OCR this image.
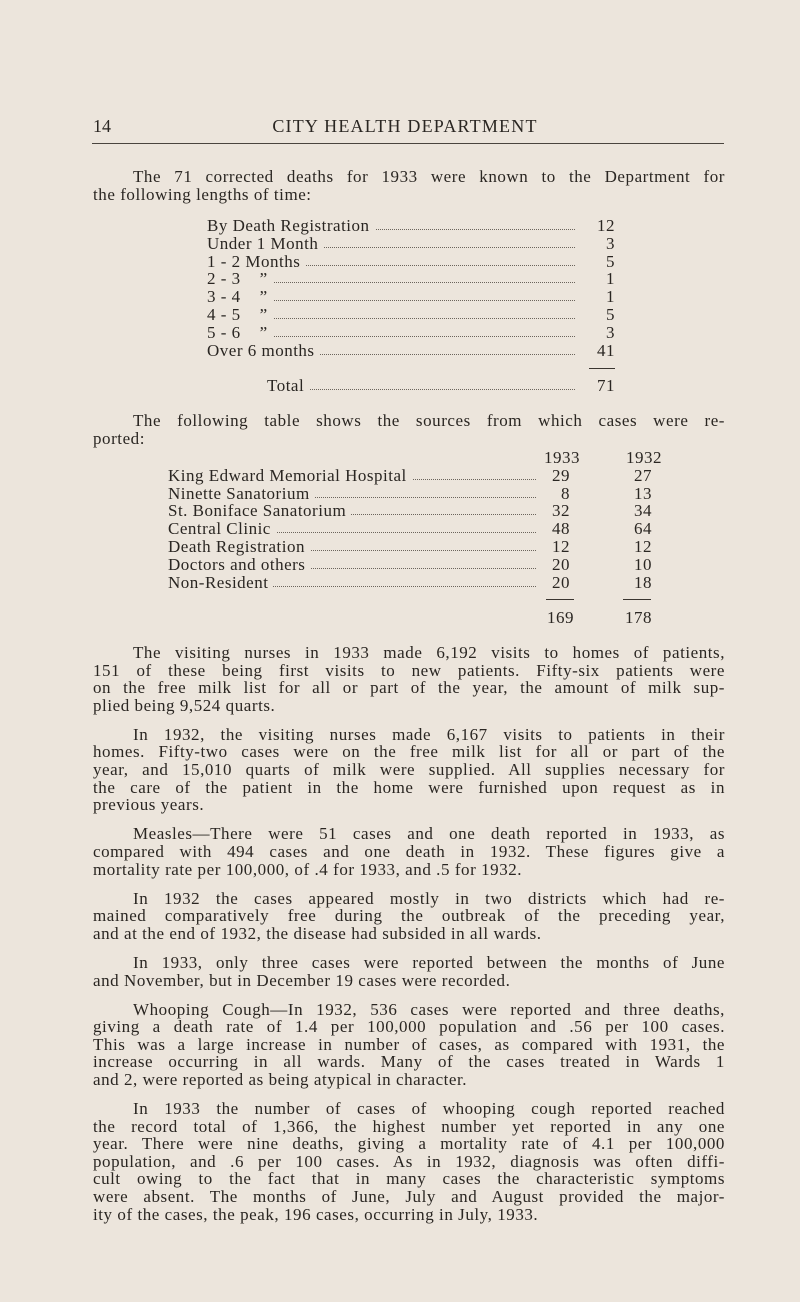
14	CITY HEALTH DEPARTMENT
The 71 corrected deaths for 1933 were known to the Department for
the following lengths of time:
By Death Registration	12
Under 1 Month	3
1 - 2 Months	5
2 - 3    ”	1
3 - 4    ”	1
4 - 5    ”	5
5 - 6    ”	3
Over 6 months	41
Total	71
The following table shows the sources from which cases were re-
ported:
1933	1932
King Edward Memorial Hospital	29	27
Ninette Sanatorium	8	13
St. Boniface Sanatorium	32	34
Central Clinic	48	64
Death Registration	12	12
Doctors and others	20	10
Non-Resident	20	18
169	178
The visiting nurses in 1933 made 6,192 visits to homes of patients,
151 of these being first visits to new patients. Fifty-six patients were
on the free milk list for all or part of the year, the amount of milk sup-
plied being 9,524 quarts.
In 1932, the visiting nurses made 6,167 visits to patients in their
homes. Fifty-two cases were on the free milk list for all or part of the
year, and 15,010 quarts of milk were supplied. All supplies necessary for
the care of the patient in the home were furnished upon request as in
previous years.
Measles—There were 51 cases and one death reported in 1933, as
compared with 494 cases and one death in 1932. These figures give a
mortality rate per 100,000, of .4 for 1933, and .5 for 1932.
In 1932 the cases appeared mostly in two districts which had re-
mained comparatively free during the outbreak of the preceding year,
and at the end of 1932, the disease had subsided in all wards.
In 1933, only three cases were reported between the months of June
and November, but in December 19 cases were recorded.
Whooping Cough—In 1932, 536 cases were reported and three deaths,
giving a death rate of 1.4 per 100,000 population and .56 per 100 cases.
This was a large increase in number of cases, as compared with 1931, the
increase occurring in all wards. Many of the cases treated in Wards 1
and 2, were reported as being atypical in character.
In 1933 the number of cases of whooping cough reported reached
the record total of 1,366, the highest number yet reported in any one
year. There were nine deaths, giving a mortality rate of 4.1 per 100,000
population, and .6 per 100 cases. As in 1932, diagnosis was often diffi-
cult owing to the fact that in many cases the characteristic symptoms
were absent. The months of June, July and August provided the major-
ity of the cases, the peak, 196 cases, occurring in July, 1933.
